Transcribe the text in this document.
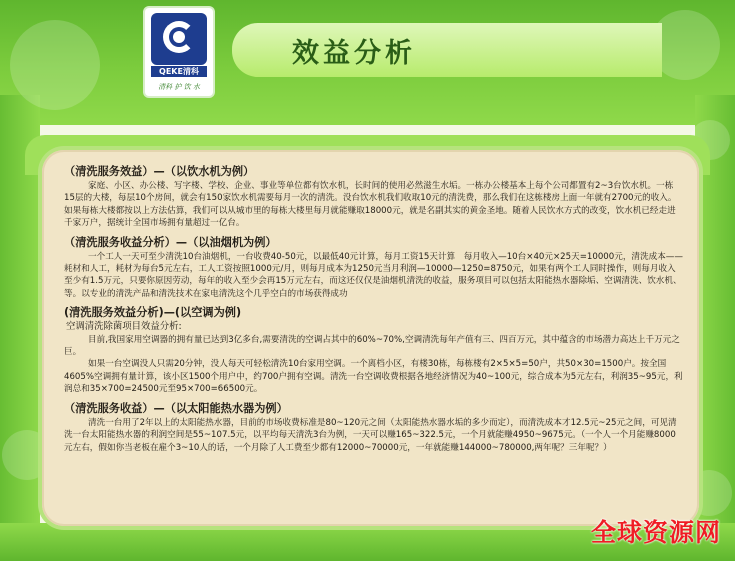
QEKE清科
清科 护 饮 水
效益分析
（清洗服务效益）—（以饮水机为例）
家庭、小区、办公楼、写字楼、学校、企业、事业等单位都有饮水机，长时间的使用必然滋生水垢。一栋办公楼基本上每个公司都置有2~3台饮水机。一栋15层的大楼，每层10个房间，就会有150家饮水机需要每月一次的清洗。没台饮水机我们收取10元的清洗费，那么我们在这栋楼房上面一年就有2700元的收入。如果每栋大楼都按以上方法估算，我们可以从城市里的每栋大楼里每月就能赚取18000元，就是名副其实的黄金圣地。随着人民饮水方式的改变，饮水机已经走进千家万户，据统计全国市场拥有量超过一亿台。
（清洗服务收益分析）—（以油烟机为例）
一个工人一天可至少清洗10台油烟机，一台收费40-50元，以最低40元计算，每月工资15天计算　每月收入—10台×40元×25天=10000元，清洗成本——耗材和人工，耗材为每台5元左右，工人工资按照1000元/月，则每月成本为1250元当月利润—10000—1250=8750元，如果有两个工人同时操作，则每月收入至少有1.5万元，只要你原因劳动，每年的收入至少会再15万元左右，而这还仅仅是油烟机清洗的收益，服务项目可以包括太阳能热水器除垢、空调清洗、饮水机、等。以专业的清洗产品和清洗技术在家电清洗这个几乎空白的市场获得成功
(清洗服务效益分析)—(以空调为例)
空调清洗除菌项目效益分析:
目前,我国家用空调器的拥有量已达到3亿多台,需要清洗的空调占其中的60%~70%,空调清洗每年产值有三、四百万元，其中蕴含的市场潜力高达上千万元之巨。
如果一台空调没人只需20分钟，没人每天可轻松清洗10台家用空调。一个离档小区，有楼30栋，每栋楼有2×5×5=50户，共50×30=1500户。按全国4605%空调拥有量计算，该小区1500个用户中，约700户拥有空调。清洗一台空调收费根据各地经济情况为40~100元，综合成本为5元左右，利润35~95元，利润总和35×700=24500元至95×700=66500元。
（清洗服务收益）—（以太阳能热水器为例）
清洗一台用了2年以上的太阳能热水器，目前的市场收费标准是80~120元之间（太阳能热水器水垢的多少而定），而清洗成本才12.5元~25元之间，可见清洗一台太阳能热水器的利润空间是55~107.5元，以平均每天清洗3台为例，一天可以赚165~322.5元，一个月就能赚4950~9675元。（一个人一个月能赚8000元左右，假如你当老板在雇个3~10人的话，一个月除了人工费至少都有12000~70000元，一年就能赚144000~780000,两年呢？三年呢？）
全球资源网
